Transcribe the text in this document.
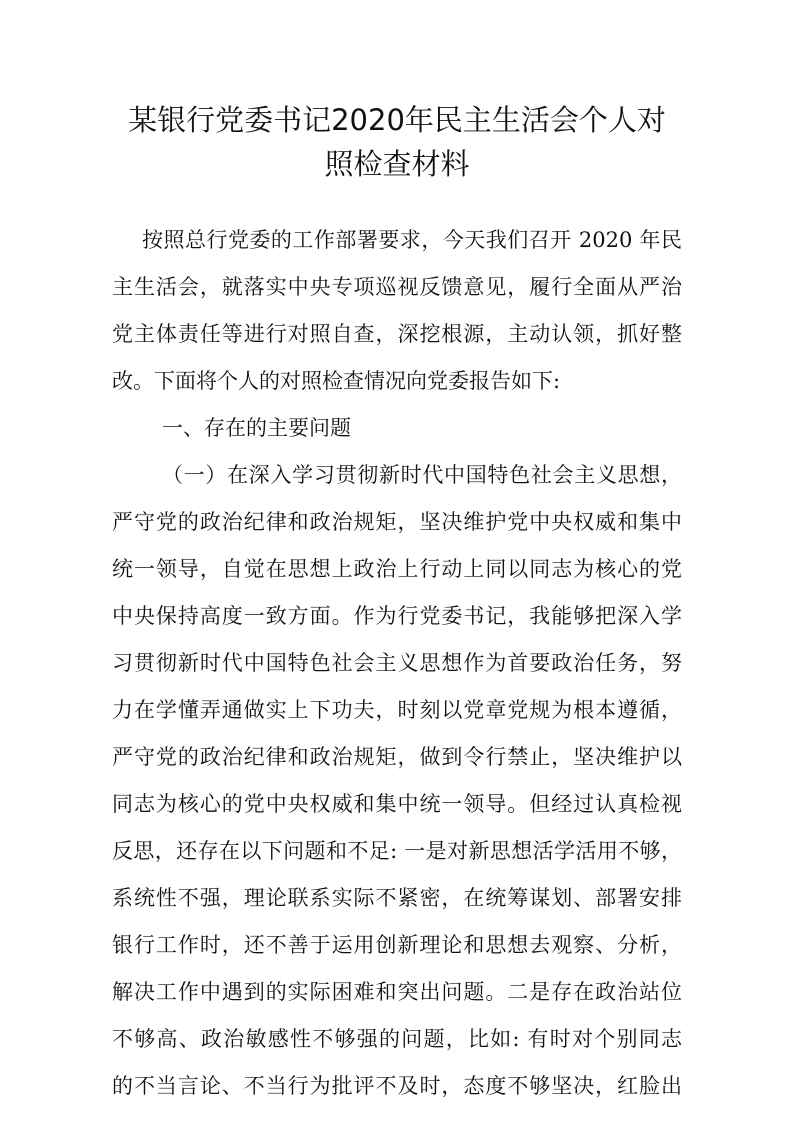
某银行党委书记2020年民主生活会个人对
照检查材料

按照总行党委的工作部署要求，今天我们召开 2020 年民

主生活会，就落实中央专项巡视反馈意见，履行全面从严治

党主体责任等进行对照自查，深挖根源，主动认领，抓好整

改。下面将个人的对照检查情况向党委报告如下:

一、存在的主要问题

（一）在深入学习贯彻新时代中国特色社会主义思想，

严守党的政治纪律和政治规矩，坚决维护党中央权威和集中

统一领导，自觉在思想上政治上行动上同以同志为核心的党

中央保持高度一致方面。作为行党委书记，我能够把深入学

习贯彻新时代中国特色社会主义思想作为首要政治任务，努

力在学懂弄通做实上下功夫，时刻以党章党规为根本遵循，

严守党的政治纪律和政治规矩，做到令行禁止，坚决维护以

同志为核心的党中央权威和集中统一领导。但经过认真检视

反思，还存在以下问题和不足: 一是对新思想活学活用不够，

系统性不强，理论联系实际不紧密，在统筹谋划、部署安排

银行工作时，还不善于运用创新理论和思想去观察、分析，

解决工作中遇到的实际困难和突出问题。二是存在政治站位

不够高、政治敏感性不够强的问题，比如: 有时对个别同志

的不当言论、不当行为批评不及时，态度不够坚决，红脸出
